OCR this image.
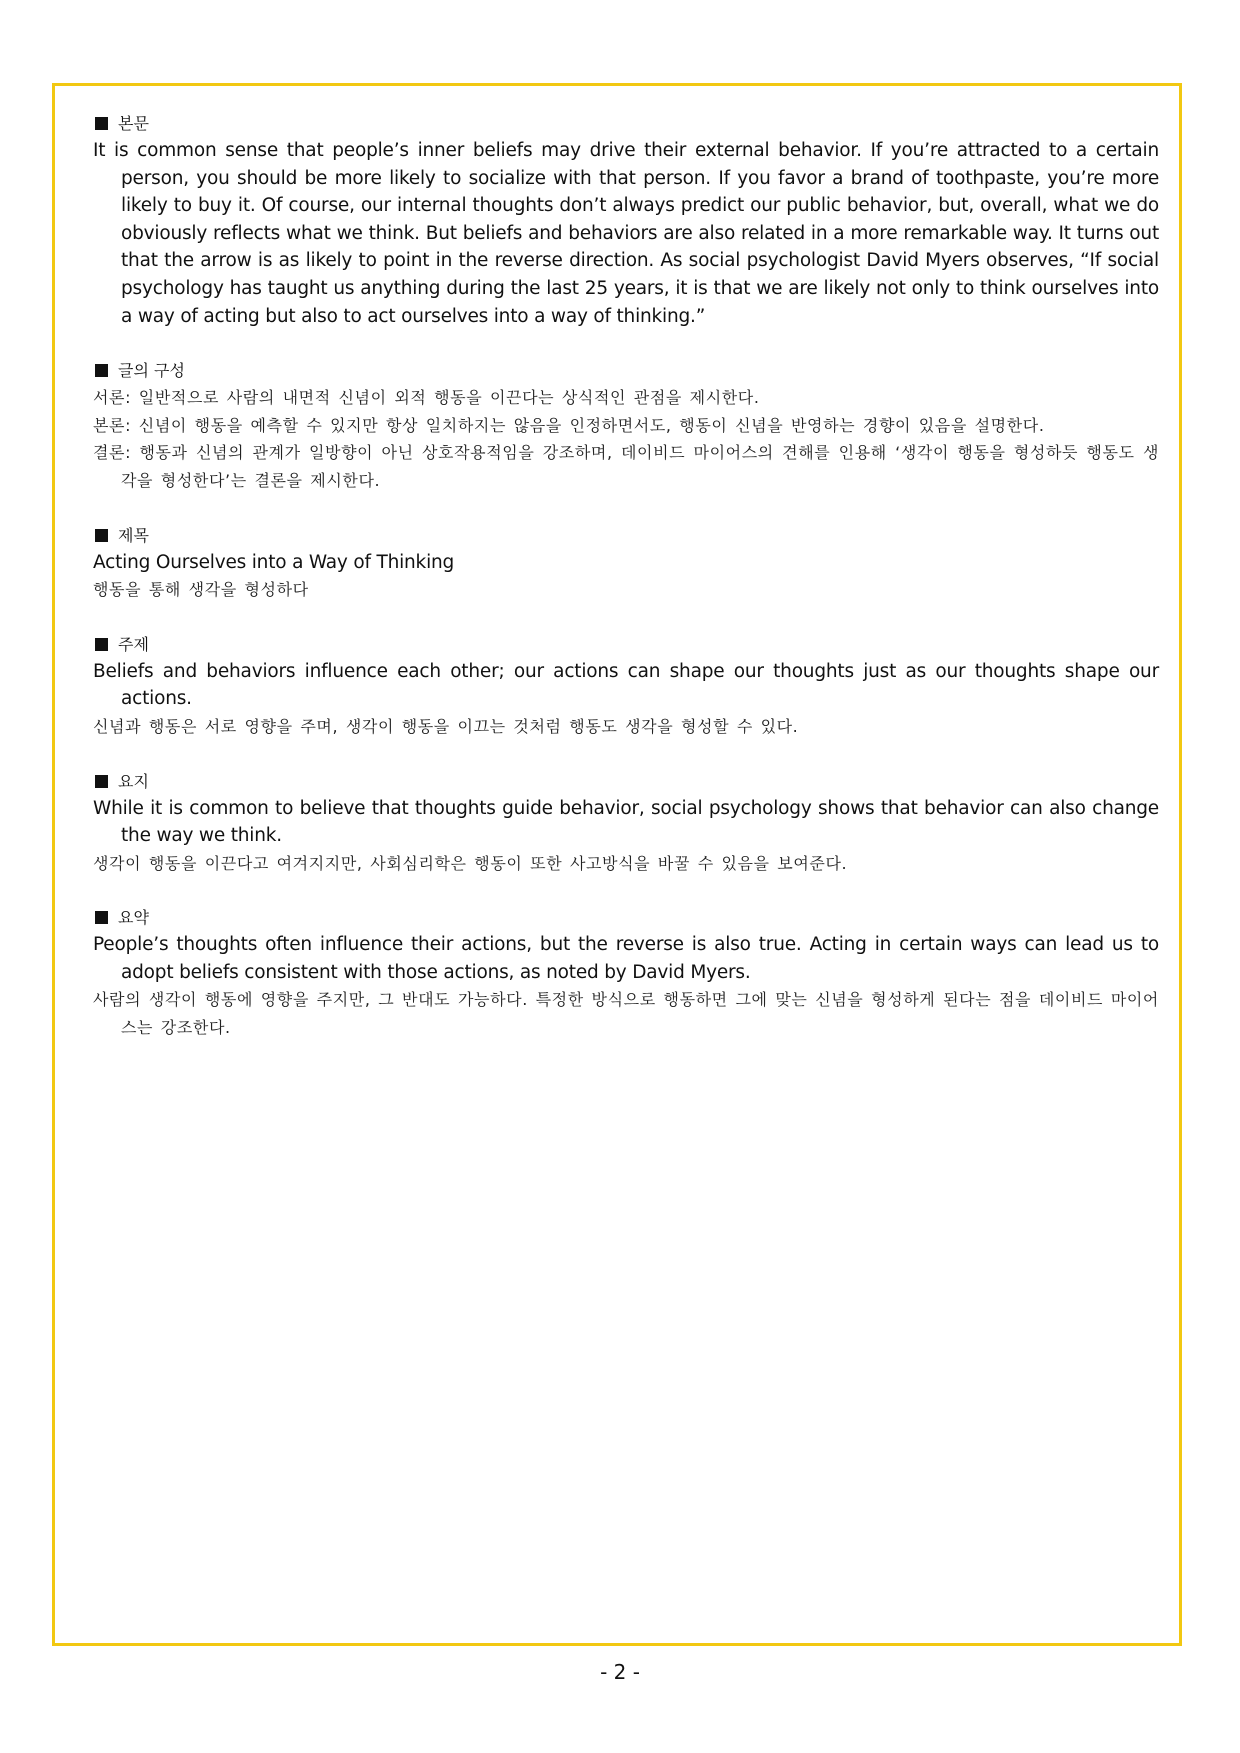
본문
It is common sense that people’s inner beliefs may drive their external behavior. If you’re attracted to a certain person, you should be more likely to socialize with that person. If you favor a brand of toothpaste, you’re more likely to buy it. Of course, our internal thoughts don’t always predict our public behavior, but, overall, what we do obviously reflects what we think. But beliefs and behaviors are also related in a more remarkable way. It turns out that the arrow is as likely to point in the reverse direction. As social psychologist David Myers observes, “If social psychology has taught us anything during the last 25 years, it is that we are likely not only to think ourselves into a way of acting but also to act ourselves into a way of thinking.”
글의 구성
서론: 일반적으로 사람의 내면적 신념이 외적 행동을 이끈다는 상식적인 관점을 제시한다.
본론: 신념이 행동을 예측할 수 있지만 항상 일치하지는 않음을 인정하면서도, 행동이 신념을 반영하는 경향이 있음을 설명한다.
결론: 행동과 신념의 관계가 일방향이 아닌 상호작용적임을 강조하며, 데이비드 마이어스의 견해를 인용해 ‘생각이 행동을 형성하듯 행동도 생각을 형성한다’는 결론을 제시한다.
제목
Acting Ourselves into a Way of Thinking
행동을 통해 생각을 형성하다
주제
Beliefs and behaviors influence each other; our actions can shape our thoughts just as our thoughts shape our actions.
신념과 행동은 서로 영향을 주며, 생각이 행동을 이끄는 것처럼 행동도 생각을 형성할 수 있다.
요지
While it is common to believe that thoughts guide behavior, social psychology shows that behavior can also change the way we think.
생각이 행동을 이끈다고 여겨지지만, 사회심리학은 행동이 또한 사고방식을 바꿀 수 있음을 보여준다.
요약
People’s thoughts often influence their actions, but the reverse is also true. Acting in certain ways can lead us to adopt beliefs consistent with those actions, as noted by David Myers.
사람의 생각이 행동에 영향을 주지만, 그 반대도 가능하다. 특정한 방식으로 행동하면 그에 맞는 신념을 형성하게 된다는 점을 데이비드 마이어스는 강조한다.
- 2 -
